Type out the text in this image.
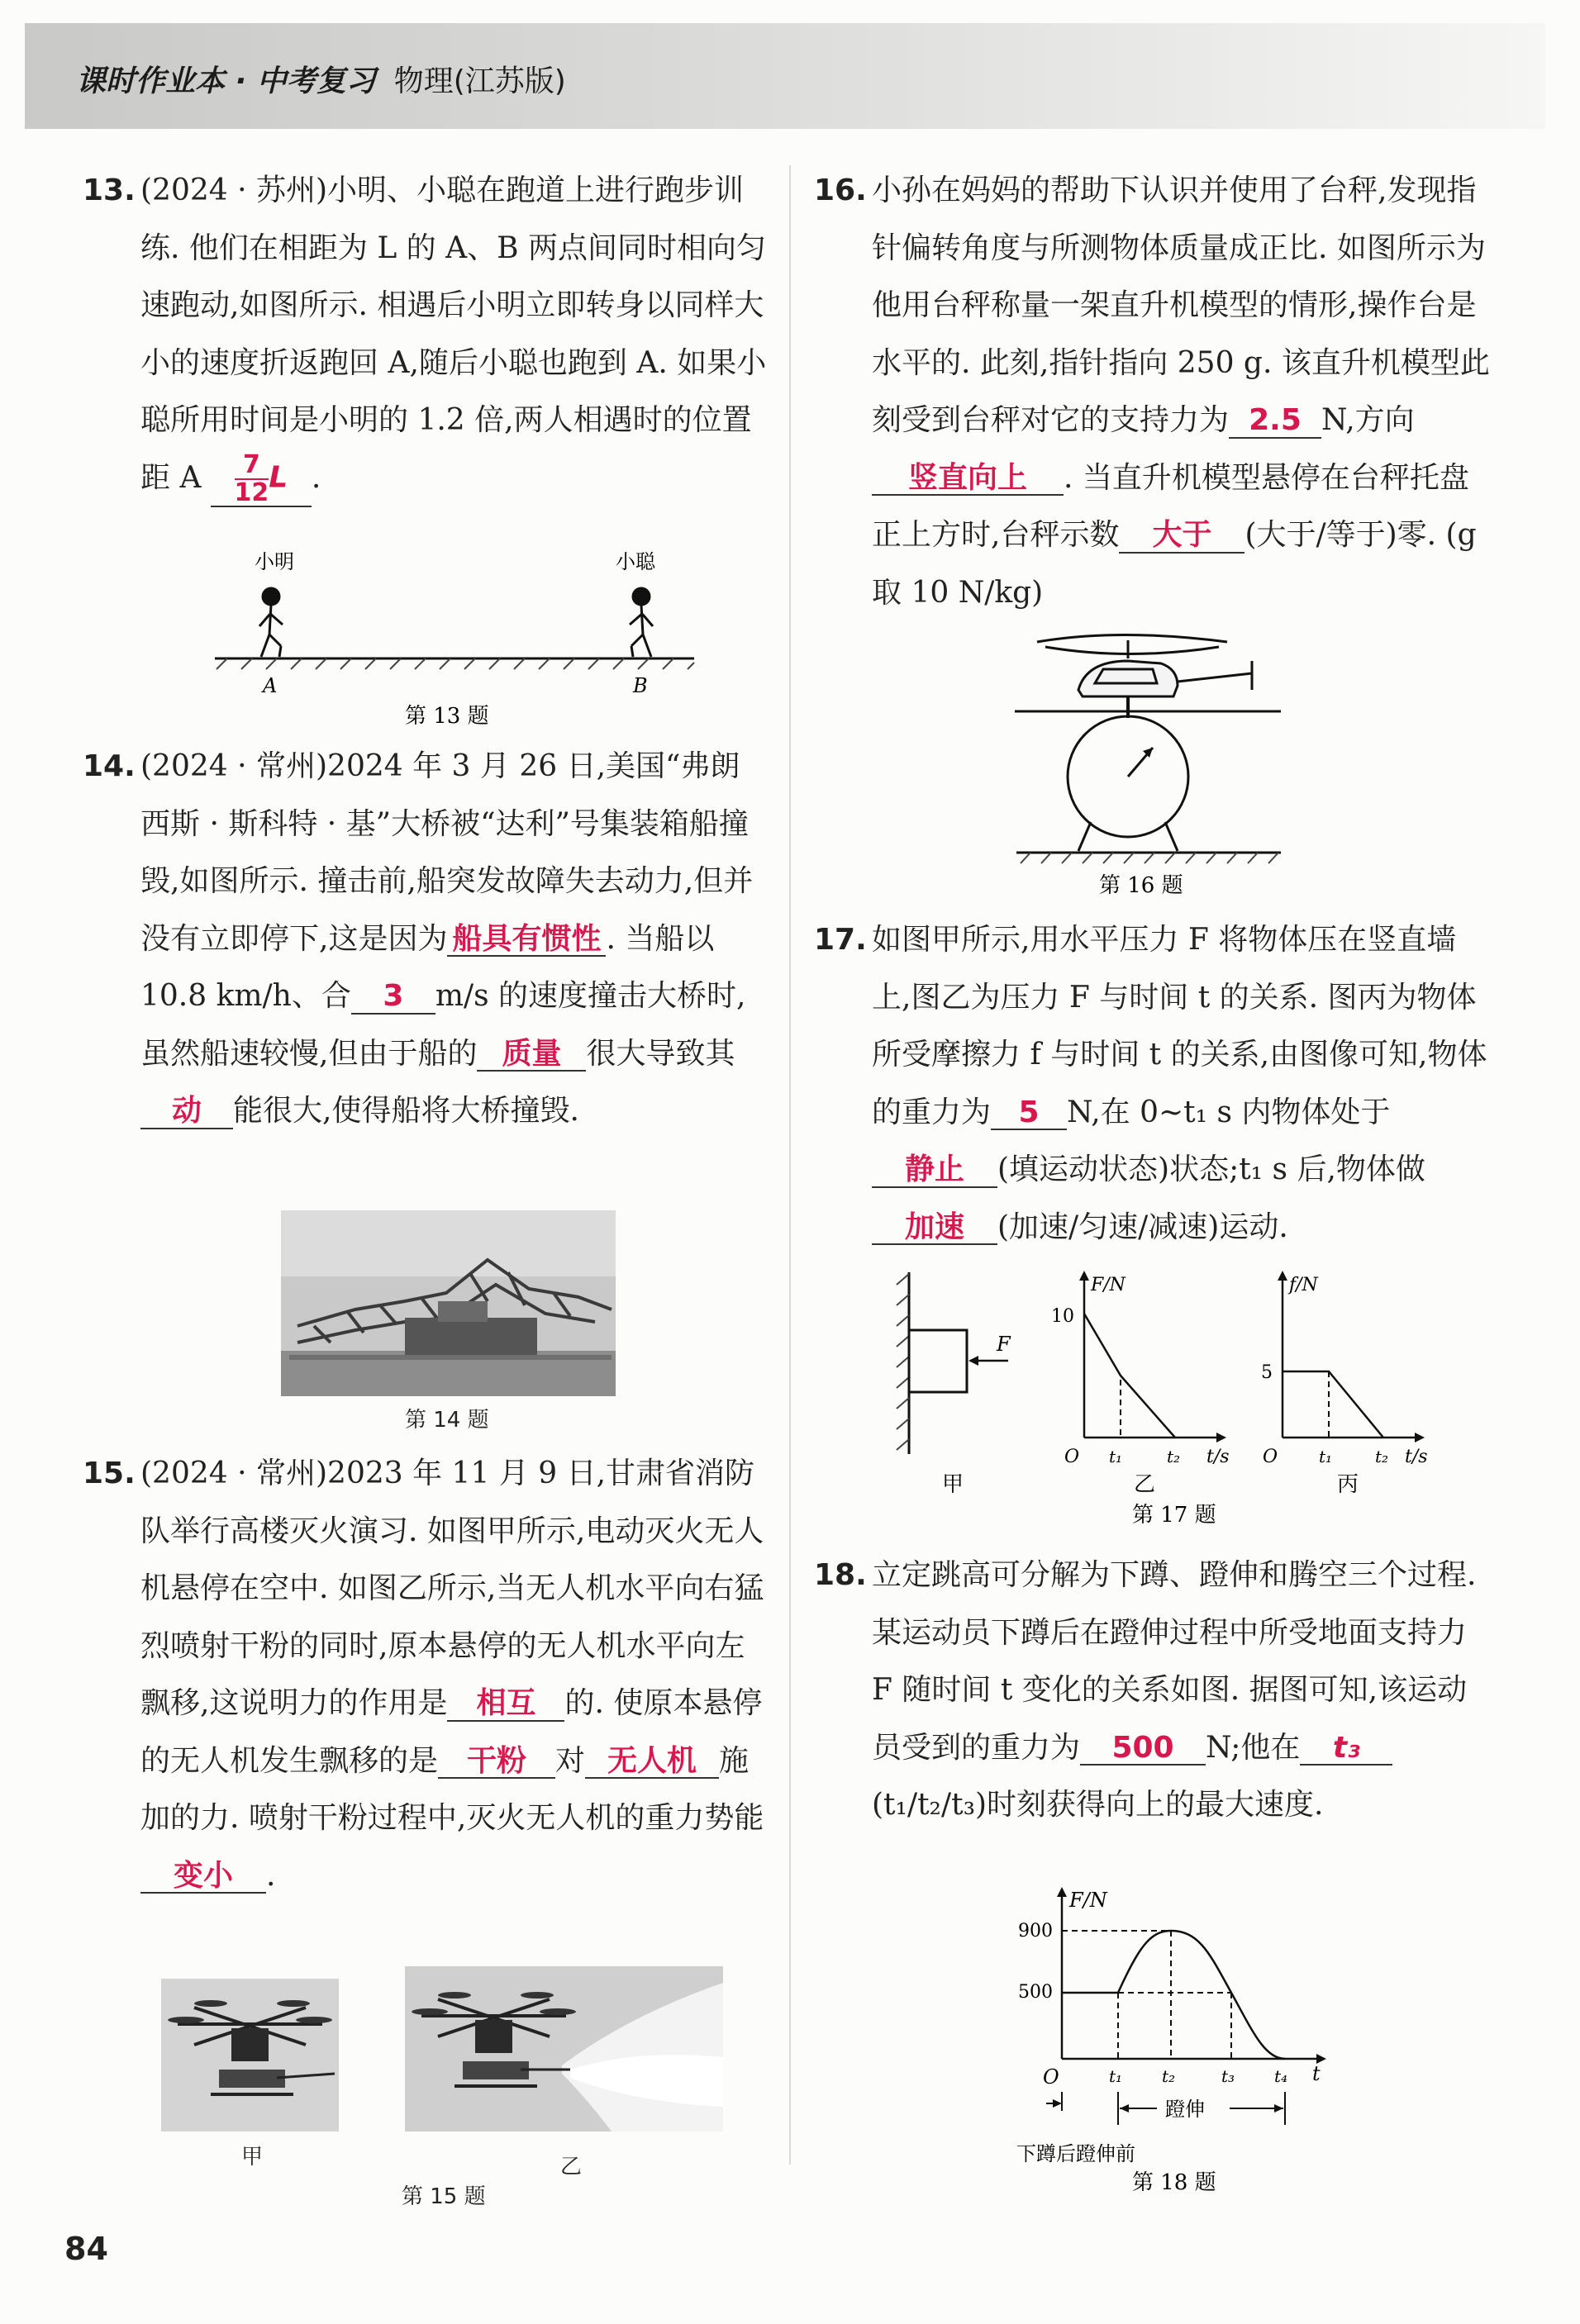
课时作业本 · 中考复习 物理(江苏版)
13. (2024 · 苏州)小明、小聪在跑道上进行跑步训练. 他们在相距为 L 的 A、B 两点间同时相向匀速跑动,如图所示. 相遇后小明立即转身以同样大小的速度折返跑回 A,随后小聪也跑到 A. 如果小聪所用时间是小明的 1.2 倍,两人相遇时的位置距 A $\frac{7}{12}$ L .
小明	小聪
A	B
第 13 题
14. (2024 · 常州)2024 年 3 月 26 日,美国“弗朗西斯 · 斯科特 · 基”大桥被“达利”号集装箱船撞毁,如图所示. 撞击前,船突发故障失去动力,但并没有立即停下,这是因为 船具有惯性 . 当船以 10.8 km/h、合 3 m/s 的速度撞击大桥时,虽然船速较慢,但由于船的 质量 很大导致其动 能很大,使得船将大桥撞毁.
第 14 题
15. (2024 · 常州)2023 年 11 月 9 日,甘肃省消防队举行高楼灭火演习. 如图甲所示,电动灭火无人机悬停在空中. 如图乙所示,当无人机水平向右猛烈喷射干粉的同时,原本悬停的无人机水平向左飘移,这说明力的作用是 相互 的. 使原本悬停的无人机发生飘移的是 干粉 对 无人机 施加的力. 喷射干粉过程中,灭火无人机的重力势能变小 .
甲	乙
第 15 题
16. 小孙在妈妈的帮助下认识并使用了台秤,发现指针偏转角度与所测物体质量成正比. 如图所示为他用台秤称量一架直升机模型的情形,操作台是水平的. 此刻,指针指向 250 g. 该直升机模型此刻受到台秤对它的支持力为 2.5 N,方向竖直向上 . 当直升机模型悬停在台秤托盘正上方时,台秤示数 大于 (大于/等于)零. (g 取 10 N/kg)
第 16 题
17. 如图甲所示,用水平压力 F 将物体压在竖直墙上,图乙为压力 F 与时间 t 的关系. 图丙为物体所受摩擦力 f 与时间 t 的关系,由图像可知,物体的重力为 5 N,在 0~t₁ s 内物体处于静止 (填运动状态)状态;t₁ s 后,物体做加速 (加速/匀速/减速)运动.
F
甲
F/N
t/s
O
10
t₁	t₂
乙
f/N
t/s
O
5
t₁	t₂
丙
第 17 题
18. 立定跳高可分解为下蹲、蹬伸和腾空三个过程. 某运动员下蹲后在蹬伸过程中所受地面支持力 F 随时间 t 变化的关系如图. 据图可知,该运动员受到的重力为 500 N;他在 t₃(t₁/t₂/t₃)时刻获得向上的最大速度.
F/N
t
O
900
500
t₁ t₂	t₃ t₄
蹬伸
下蹲后蹬伸前
第 18 题
84
